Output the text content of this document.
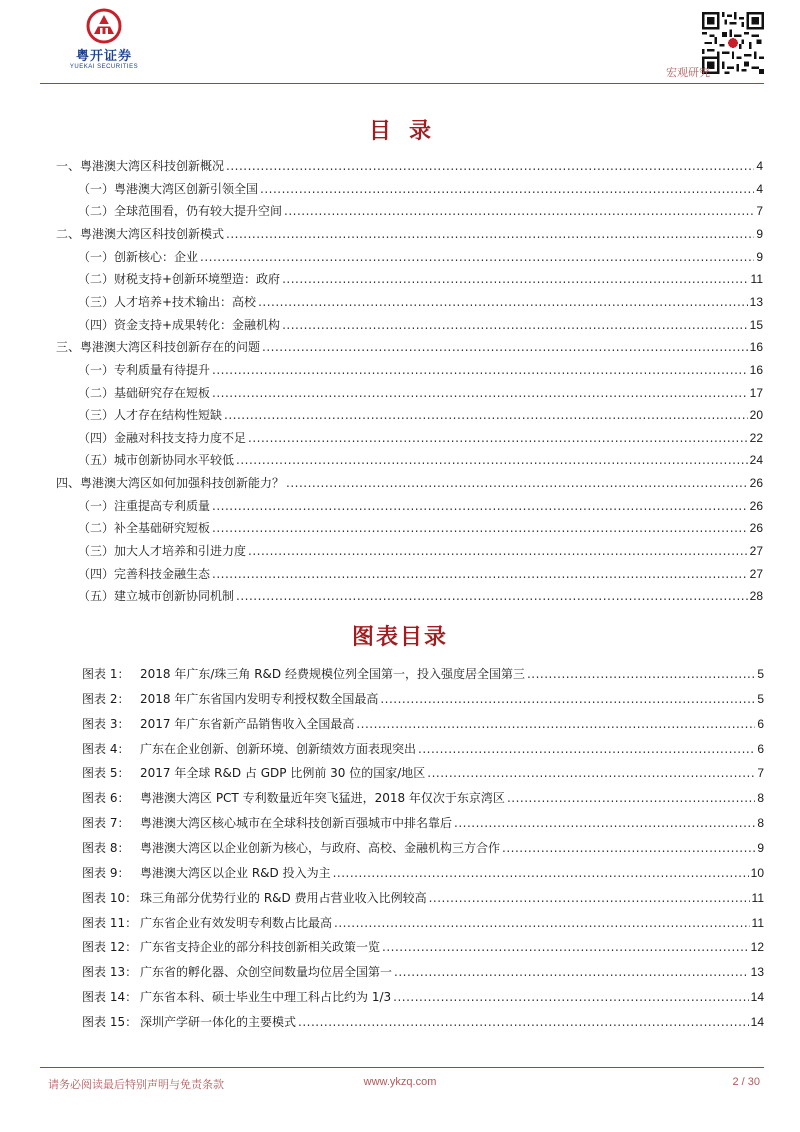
粤开证券
YUEKAI SECURITIES	宏观研究
目录
一、粤港澳大湾区科技创新概况 .....	4
（一）粤港澳大湾区创新引领全国 .....	4
（二）全球范围看，仍有较大提升空间 .....	7
二、粤港澳大湾区科技创新模式 .....	9
（一）创新核心：企业 .....	9
（二）财税支持+创新环境塑造：政府 .....	11
（三）人才培养+技术输出：高校 .....	13
（四）资金支持+成果转化：金融机构 .....	15
三、粤港澳大湾区科技创新存在的问题 .....	16
（一）专利质量有待提升 .....	16
（二）基础研究存在短板 .....	17
（三）人才存在结构性短缺 .....	20
（四）金融对科技支持力度不足 .....	22
（五）城市创新协同水平较低 .....	24
四、粤港澳大湾区如何加强科技创新能力？ .....	26
（一）注重提高专利质量 .....	26
（二）补全基础研究短板 .....	26
（三）加大人才培养和引进力度 .....	27
（四）完善科技金融生态 .....	27
（五）建立城市创新协同机制 .....	28
图表目录
图表 1： 2018 年广东/珠三角 R&D 经费规模位列全国第一，投入强度居全国第三 .....	5
图表 2： 2018 年广东省国内发明专利授权数全国最高 .....	5
图表 3： 2017 年广东省新产品销售收入全国最高 .....	6
图表 4： 广东在企业创新、创新环境、创新绩效方面表现突出 .....	6
图表 5： 2017 年全球 R&D 占 GDP 比例前 30 位的国家/地区 .....	7
图表 6： 粤港澳大湾区 PCT 专利数量近年突飞猛进，2018 年仅次于东京湾区 .....	8
图表 7： 粤港澳大湾区核心城市在全球科技创新百强城市中排名靠后 .....	8
图表 8： 粤港澳大湾区以企业创新为核心，与政府、高校、金融机构三方合作 .....	9
图表 9： 粤港澳大湾区以企业 R&D 投入为主 .....	10
图表 10： 珠三角部分优势行业的 R&D 费用占营业收入比例较高 .....	11
图表 11： 广东省企业有效发明专利数占比最高 .....	11
图表 12： 广东省支持企业的部分科技创新相关政策一览 .....	12
图表 13： 广东省的孵化器、众创空间数量均位居全国第一 .....	13
图表 14： 广东省本科、硕士毕业生中理工科占比约为 1/3 .....	14
图表 15： 深圳产学研一体化的主要模式 .....	14
请务必阅读最后特别声明与免责条款	www.ykzq.com	2 / 30
